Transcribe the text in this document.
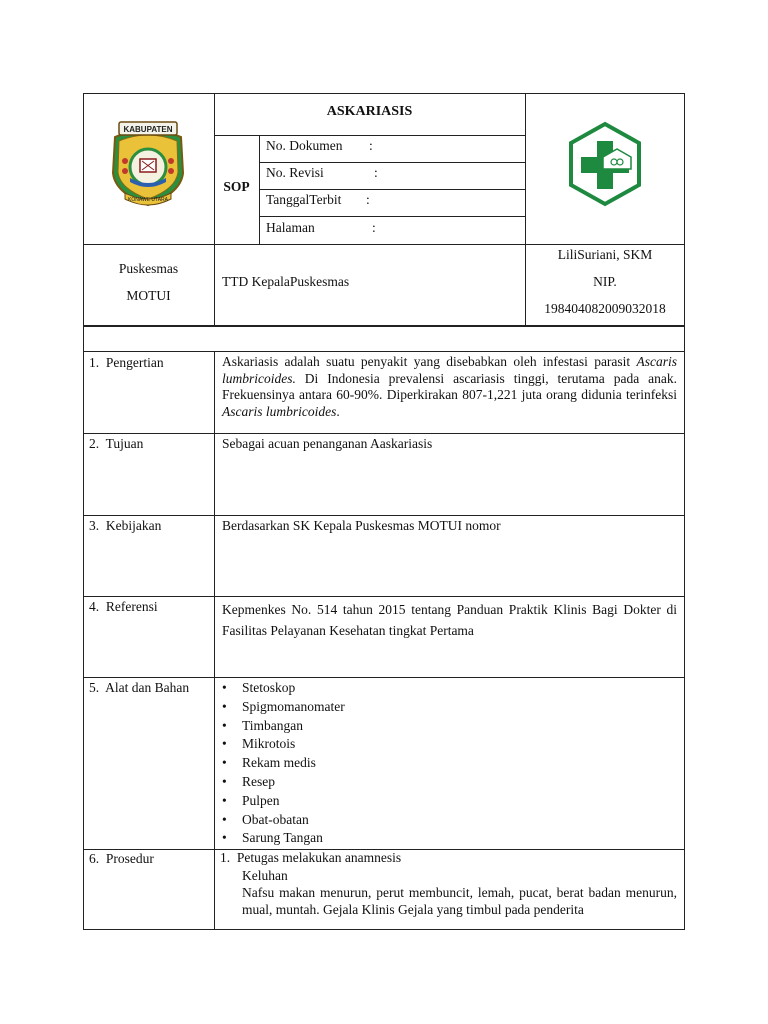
KABUPATEN
KONAWE UTARA
ASKARIASIS
SOP
No. Dokumen :
No. Revisi	:
TanggalTerbit :
Halaman	:
Puskesmas
MOTUI
TTD KepalaPuskesmas
LiliSuriani, SKM
NIP.
198404082009032018
1.  Pengertian	Askariasis adalah suatu penyakit yang disebabkan oleh infestasi parasit Ascaris lumbricoides. Di Indonesia prevalensi ascariasis tinggi, terutama pada anak. Frekuensinya antara 60-90%. Diperkirakan 807-1,221 juta orang didunia terinfeksi Ascaris lumbricoides.
2.  Tujuan	Sebagai acuan penanganan Aaskariasis
3.  Kebijakan	Berdasarkan SK Kepala Puskesmas MOTUI nomor
4.  Referensi	Kepmenkes No. 514 tahun 2015 tentang Panduan Praktik Klinis Bagi Dokter di Fasilitas Pelayanan Kesehatan tingkat Pertama
5.  Alat dan Bahan
•	Stetoskop
• Spigmomanomater
• Timbangan
• Mikrotois
• Rekam medis
• Resep
• Pulpen
• Obat-obatan
• Sarung Tangan
6.  Prosedur	1.  Petugas melakukan anamnesis
Keluhan
Nafsu makan menurun, perut membuncit, lemah, pucat, berat badan menurun, mual, muntah. Gejala Klinis Gejala yang timbul pada penderita
